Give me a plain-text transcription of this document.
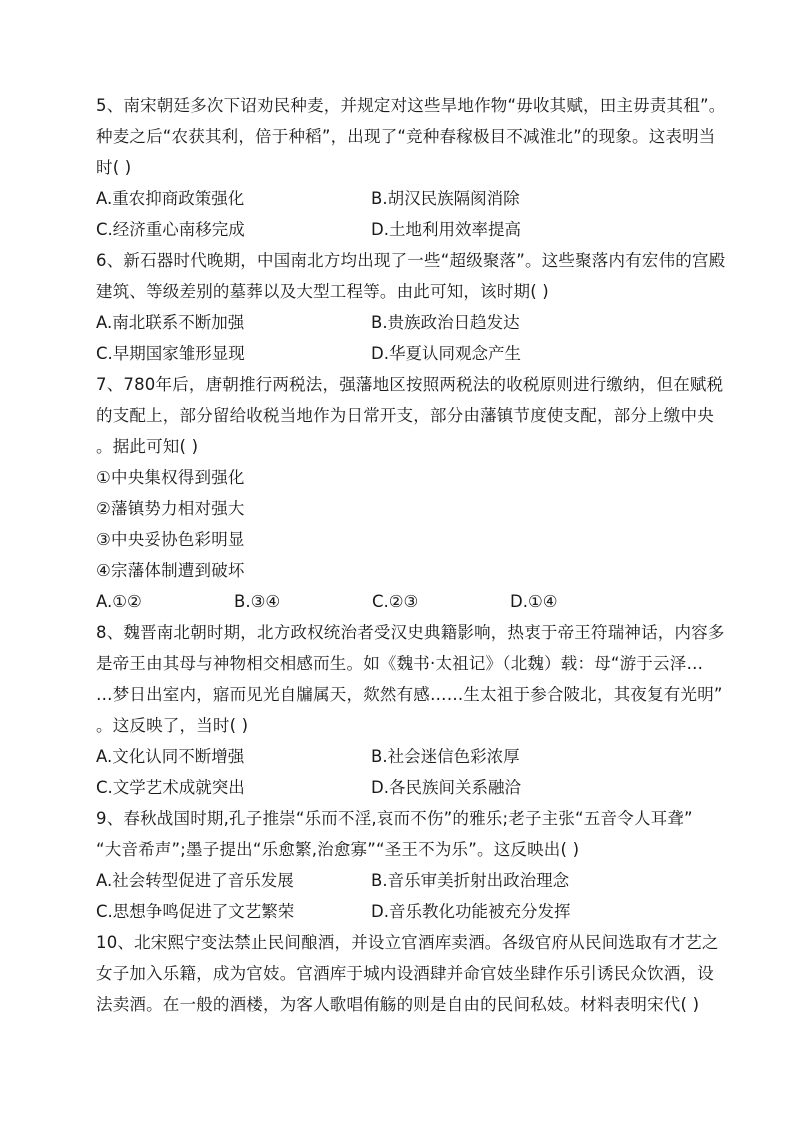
5、南宋朝廷多次下诏劝民种麦，并规定对这些旱地作物“毋收其赋，田主毋责其租”。
种麦之后“农获其利，倍于种稻”，出现了“竞种春稼极目不减淮北”的现象。这表明当
时( )
A.重农抑商政策强化	B.胡汉民族隔阂消除
C.经济重心南移完成	D.土地利用效率提高
6、新石器时代晚期，中国南北方均出现了一些“超级聚落”。这些聚落内有宏伟的宫殿
建筑、等级差别的墓葬以及大型工程等。由此可知，该时期( )
A.南北联系不断加强	B.贵族政治日趋发达
C.早期国家雏形显现	D.华夏认同观念产生
7、780年后，唐朝推行两税法，强藩地区按照两税法的收税原则进行缴纳，但在赋税
的支配上，部分留给收税当地作为日常开支，部分由藩镇节度使支配，部分上缴中央
。据此可知( )
①中央集权得到强化
②藩镇势力相对强大
③中央妥协色彩明显
④宗藩体制遭到破坏
A.①②	B.③④	C.②③	D.①④
8、魏晋南北朝时期，北方政权统治者受汉史典籍影响，热衷于帝王符瑞神话，内容多
是帝王由其母与神物相交相感而生。如《魏书·太祖记》（北魏）载：母“游于云泽…
…梦日出室内，寤而见光自牖属天，欻然有感……生太祖于参合陂北，其夜复有光明”
。这反映了，当时( )
A.文化认同不断增强	B.社会迷信色彩浓厚
C.文学艺术成就突出	D.各民族间关系融洽
9、春秋战国时期,孔子推崇“乐而不淫,哀而不伤”的雅乐;老子主张“五音令人耳聋”
“大音希声”;墨子提出“乐愈繁,治愈寡”“圣王不为乐”。这反映出( )
A.社会转型促进了音乐发展	B.音乐审美折射出政治理念
C.思想争鸣促进了文艺繁荣	D.音乐教化功能被充分发挥
10、北宋熙宁变法禁止民间酿酒，并设立官酒库卖酒。各级官府从民间选取有才艺之
女子加入乐籍，成为官妓。官酒库于城内设酒肆并命官妓坐肆作乐引诱民众饮酒，设
法卖酒。在一般的酒楼，为客人歌唱侑觞的则是自由的民间私妓。材料表明宋代( )
